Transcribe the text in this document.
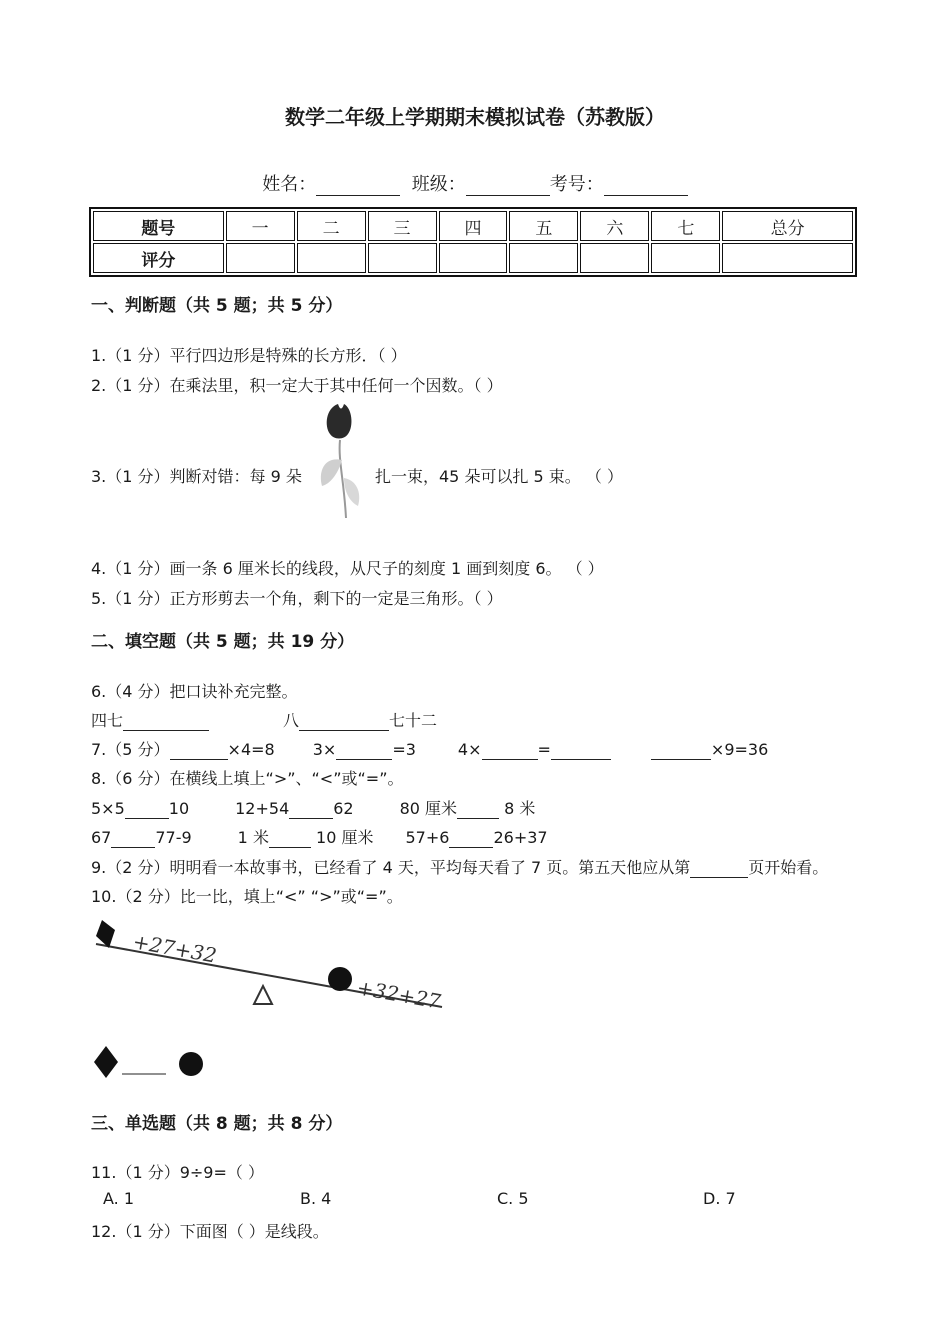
数学二年级上学期期末模拟试卷（苏教版）
姓名：	班级：	考号：
题号	一	二	三	四	五	六	七	总分
评分								
一、判断题（共 5 题；共 5 分）
1.（1 分）平行四边形是特殊的长方形．（ ）
2.（1 分）在乘法里，积一定大于其中任何一个因数。（ ）
3.（1 分）判断对错：每 9 朵	扎一束，45 朵可以扎 5 束。 （ ）
4.（1 分）画一条 6 厘米长的线段，从尺子的刻度 1 画到刻度 6。 （ ）
5.（1 分）正方形剪去一个角，剩下的一定是三角形。（ ）
二、填空题（共 5 题；共 19 分）
6.（4 分）把口诀补充完整。
四七	八	七十二
7.（5 分）	×4=8 3×	=3	4×	=	×9=36
8.（6 分）在横线上填上“>”、“<”或“=”。
5×5	10	12+54	62	80 厘米	8 米
67	77-9	1 米	10 厘米 57+6	26+37
9.（2 分）明明看一本故事书，已经看了 4 天，平均每天看了 7 页。第五天他应从第	页开始看。
10.（2 分）比一比，填上“<” “>”或“=”。
+27+32
+32+27
三、单选题（共 8 题；共 8 分）
11.（1 分）9÷9=（ ）
A. 1	B. 4	C. 5	D. 7
12.（1 分）下面图（ ）是线段。
